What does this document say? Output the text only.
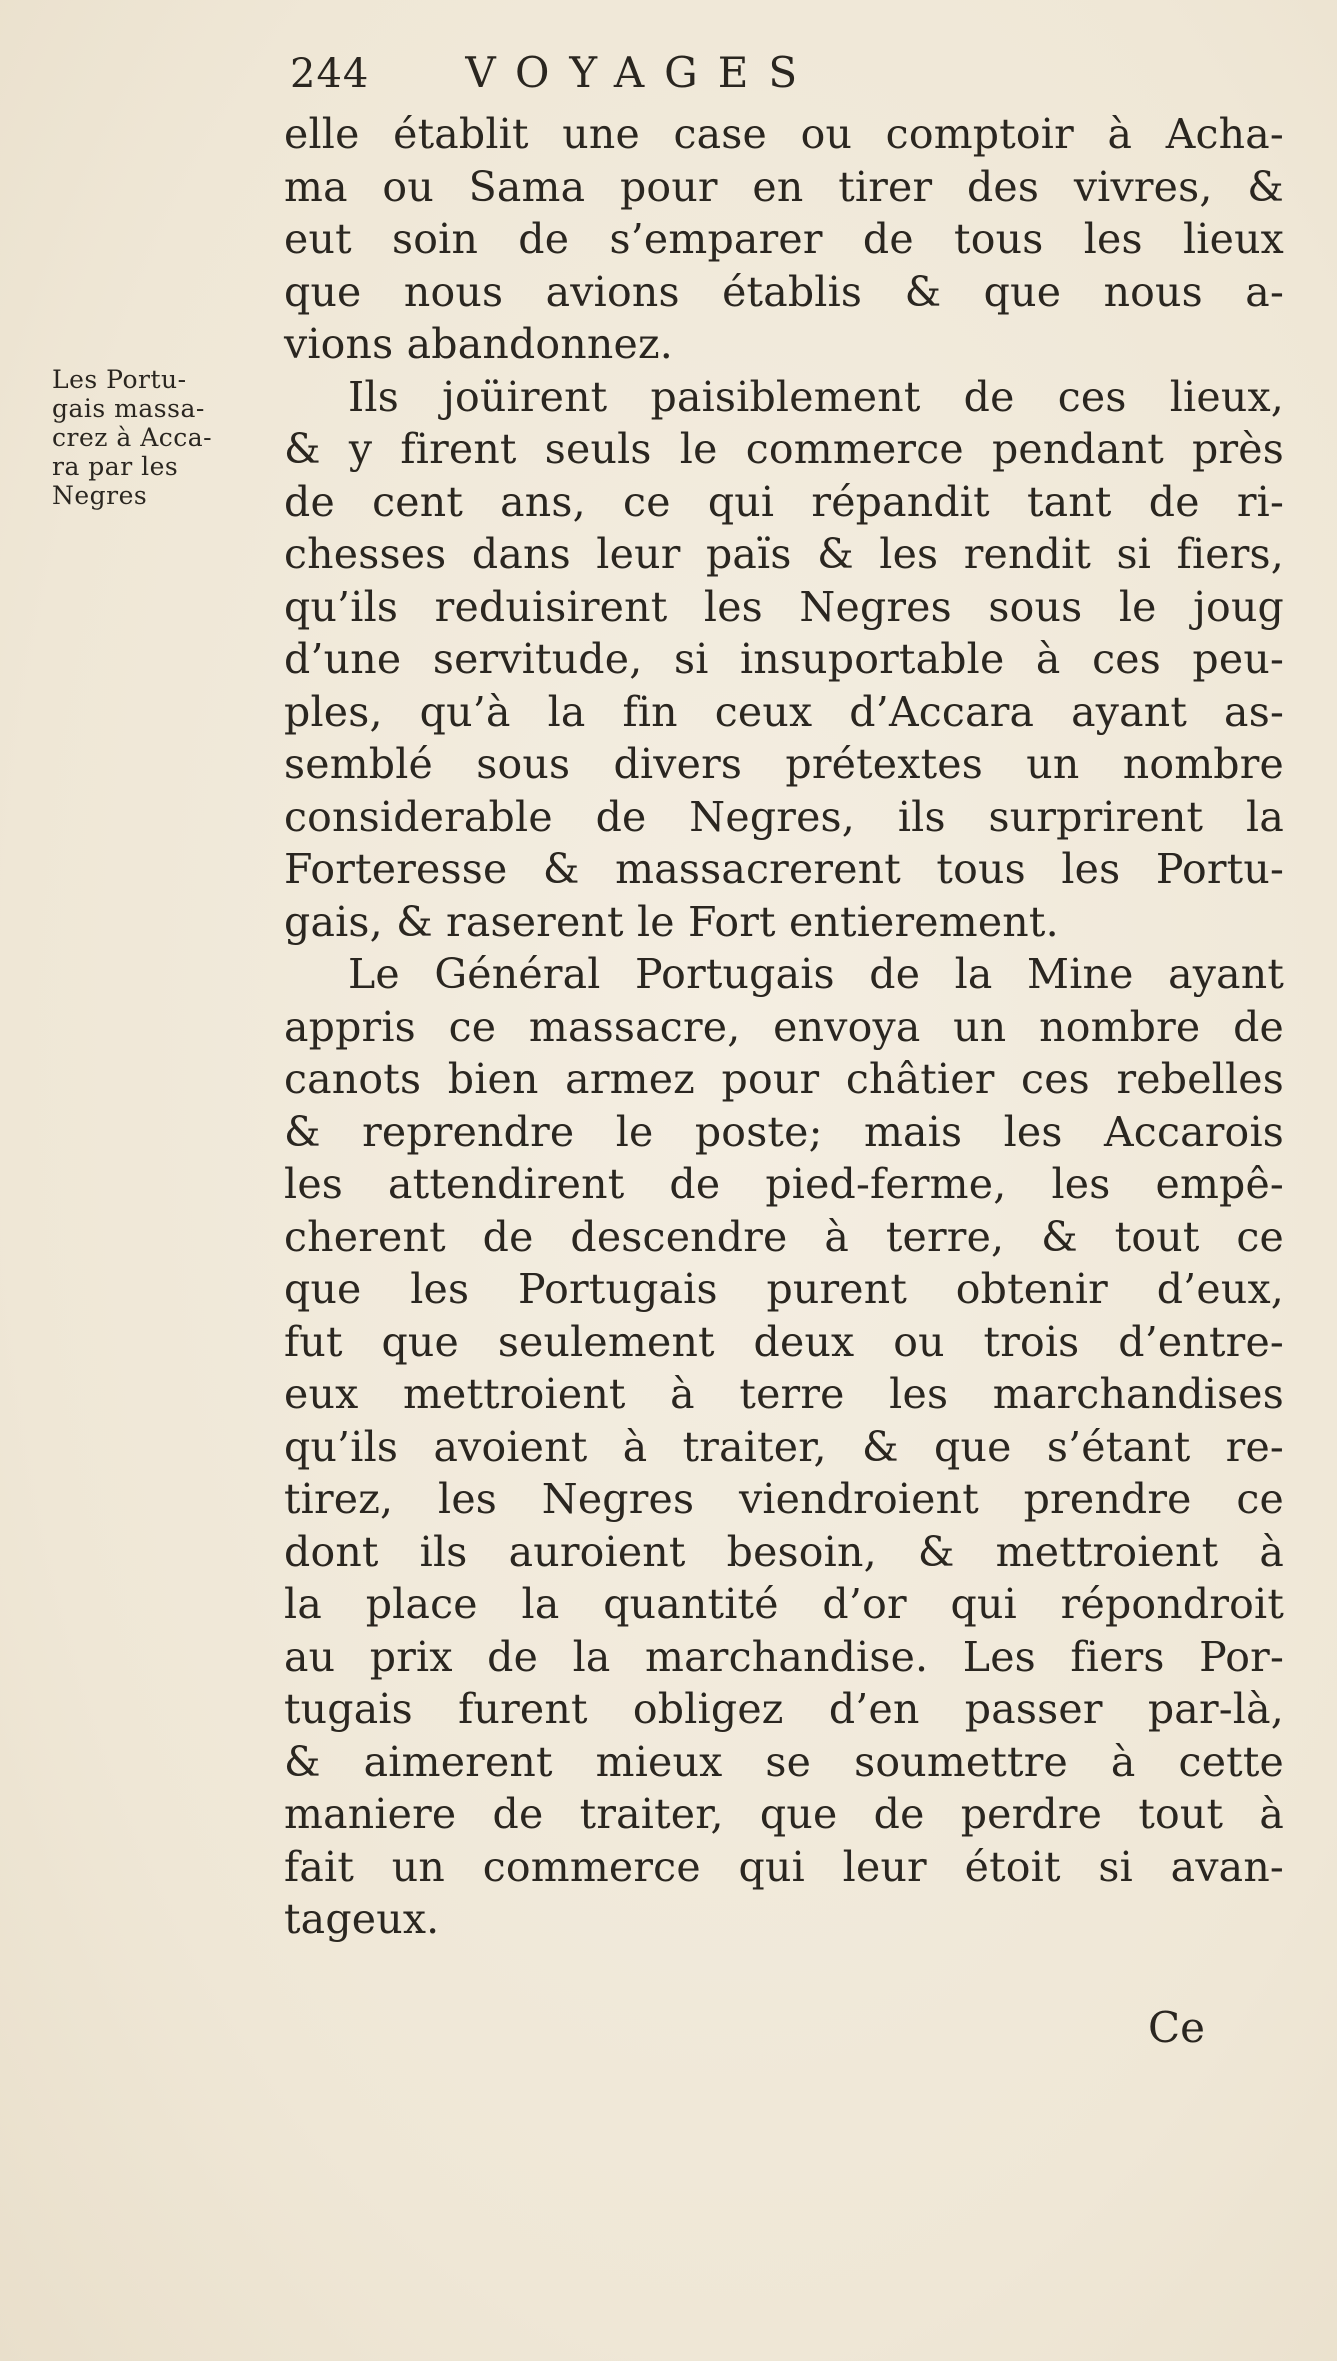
244 VOYAGES
Les Portu-
gais massa-
crez à Acca-
ra par les
Negres
elle établit une case ou comptoir à Acha-
ma ou Sama pour en tirer des vivres, &
eut soin de s’emparer de tous les lieux
que nous avions établis & que nous a-
vions abandonnez.
Ils joüirent paisiblement de ces lieux,
& y firent seuls le commerce pendant près
de cent ans, ce qui répandit tant de ri-
chesses dans leur païs & les rendit si fiers,
qu’ils reduisirent les Negres sous le joug
d’une servitude, si insuportable à ces peu-
ples, qu’à la fin ceux d’Accara ayant as-
semblé sous divers prétextes un nombre
considerable de Negres, ils surprirent la
Forteresse & massacrerent tous les Portu-
gais, & raserent le Fort entierement.
Le Général Portugais de la Mine ayant
appris ce massacre, envoya un nombre de
canots bien armez pour châtier ces rebelles
& reprendre le poste; mais les Accarois
les attendirent de pied-ferme, les empê-
cherent de descendre à terre, & tout ce
que les Portugais purent obtenir d’eux,
fut que seulement deux ou trois d’entre-
eux mettroient à terre les marchandises
qu’ils avoient à traiter, & que s’étant re-
tirez, les Negres viendroient prendre ce
dont ils auroient besoin, & mettroient à
la place la quantité d’or qui répondroit
au prix de la marchandise. Les fiers Por-
tugais furent obligez d’en passer par-là,
& aimerent mieux se soumettre à cette
maniere de traiter, que de perdre tout à
fait un commerce qui leur étoit si avan-
tageux.
Ce
